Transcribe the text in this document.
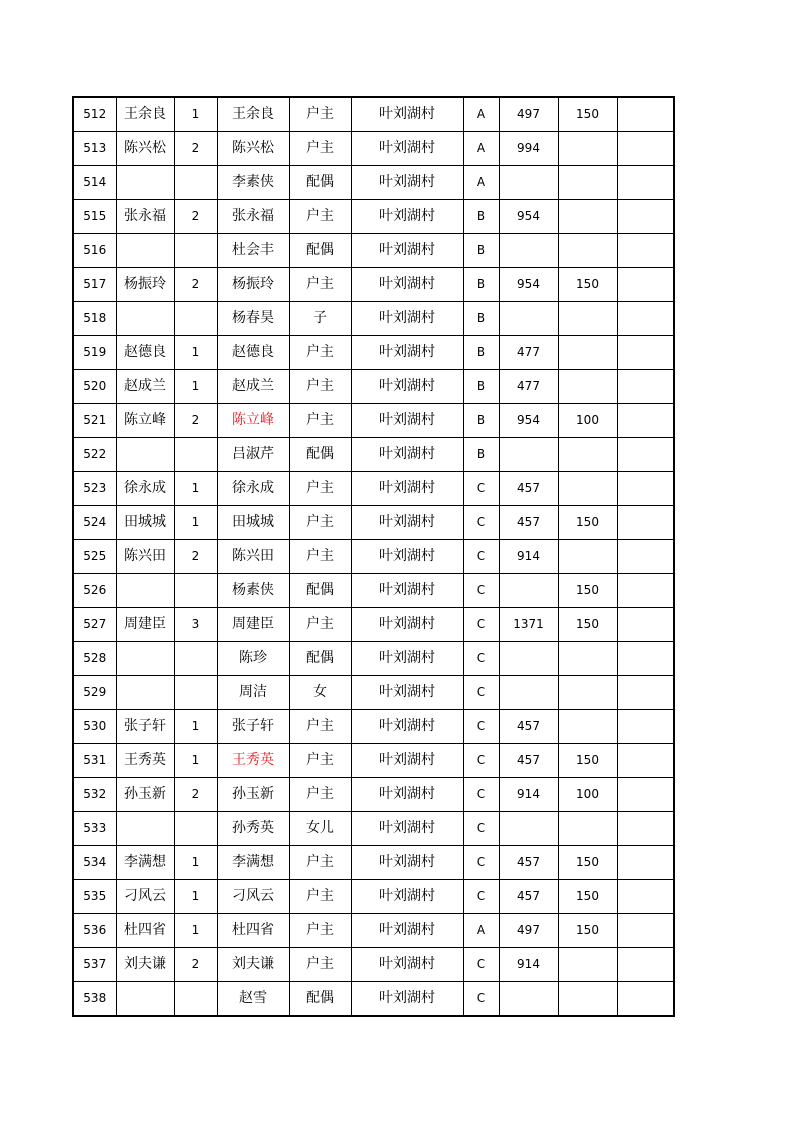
512	王余良	1	王余良	户主	叶刘湖村	A	497	150	
513	陈兴松	2	陈兴松	户主	叶刘湖村	A	994		
514			李素侠	配偶	叶刘湖村	A			
515	张永福	2	张永福	户主	叶刘湖村	B	954		
516			杜会丰	配偶	叶刘湖村	B			
517	杨振玲	2	杨振玲	户主	叶刘湖村	B	954	150	
518			杨春昊	子	叶刘湖村	B			
519	赵德良	1	赵德良	户主	叶刘湖村	B	477		
520	赵成兰	1	赵成兰	户主	叶刘湖村	B	477		
521	陈立峰	2	陈立峰	户主	叶刘湖村	B	954	100	
522			吕淑芹	配偶	叶刘湖村	B			
523	徐永成	1	徐永成	户主	叶刘湖村	C	457		
524	田城城	1	田城城	户主	叶刘湖村	C	457	150	
525	陈兴田	2	陈兴田	户主	叶刘湖村	C	914		
526			杨素侠	配偶	叶刘湖村	C		150	
527	周建臣	3	周建臣	户主	叶刘湖村	C	1371	150	
528			陈珍	配偶	叶刘湖村	C			
529			周洁	女	叶刘湖村	C			
530	张子轩	1	张子轩	户主	叶刘湖村	C	457		
531	王秀英	1	王秀英	户主	叶刘湖村	C	457	150	
532	孙玉新	2	孙玉新	户主	叶刘湖村	C	914	100	
533			孙秀英	女儿	叶刘湖村	C			
534	李满想	1	李满想	户主	叶刘湖村	C	457	150	
535	刁风云	1	刁风云	户主	叶刘湖村	C	457	150	
536	杜四省	1	杜四省	户主	叶刘湖村	A	497	150	
537	刘夫谦	2	刘夫谦	户主	叶刘湖村	C	914		
538			赵雪	配偶	叶刘湖村	C			
